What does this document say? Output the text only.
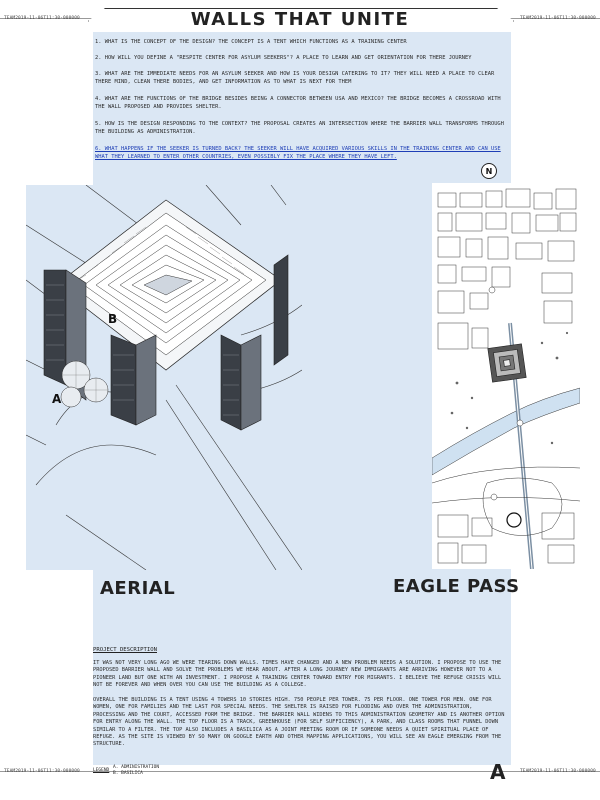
TEAM2019-11-06T11:30-000000	TEAM2019-11-06T11:30-000000
WALLS THAT UNITE
1. WHAT IS THE CONCEPT OF THE DESIGN? THE CONCEPT IS A TENT WHICH FUNCTIONS AS A TRAINING CENTER
2. HOW WILL YOU DEFINE A "RESPITE CENTER FOR ASYLUM SEEKERS"? A PLACE TO LEARN AND GET ORIENTATION FOR THERE JOURNEY
3. WHAT ARE THE IMMEDIATE NEEDS FOR AN ASYLUM SEEKER AND HOW IS YOUR DESIGN CATERING TO IT? THEY WILL NEED A PLACE TO CLEAR THERE MIND, CLEAN THERE BODIES, AND GET INFORMATION AS TO WHAT IS NEXT FOR THEM
4. WHAT ARE THE FUNCTIONS OF THE BRIDGE BESIDES BEING A CONNECTOR BETWEEN USA AND MEXICO? THE BRIDGE BECOMES A CROSSROAD WITH THE WALL PROPOSED AND PROVIDES SHELTER.
5. HOW IS THE DESIGN RESPONDING TO THE CONTEXT? THE PROPOSAL CREATES AN INTERSECTION WHERE THE BARRIER WALL TRANSFORMS THROUGH THE BUILDING AS ADMINISTRATION.
6. WHAT HAPPENS IF THE SEEKER IS TURNED BACK? THE SEEKER WILL HAVE ACQUIRED VARIOUS SKILLS IN THE TRAINING CENTER AND CAN USE WHAT THEY LEARNED TO ENTER OTHER COUNTRIES, EVEN POSSIBLY FIX THE PLACE WHERE THEY HAVE LEFT.
B
A
N
AERIAL	EAGLE PASS
PROJECT DESCRIPTION
IT WAS NOT VERY LONG AGO WE WERE TEARING DOWN WALLS. TIMES HAVE CHANGED AND A NEW PROBLEM NEEDS A SOLUTION. I PROPOSE TO USE THE PROPOSED BARRIER WALL AND SOLVE THE PROBLEMS WE HEAR ABOUT. AFTER A LONG JOURNEY NEW IMMIGRANTS ARE ARRIVING HOWEVER NOT TO A PIONEER LAND BUT ONE WITH AN INVESTMENT. I PROPOSE A TRAINING CENTER TOWARD ENTRY FOR MIGRANTS. I BELIEVE THE REFUGE CRISIS WILL NOT BE FOREVER AND WHEN OVER YOU CAN USE THE BUILDING AS A COLLEGE.
OVERALL THE BUILDING IS A TENT USING 4 TOWERS 10 STORIES HIGH. 750 PEOPLE PER TOWER. 75 PER FLOOR. ONE TOWER FOR MEN. ONE FOR WOMEN, ONE FOR FAMILIES AND THE LAST FOR SPECIAL NEEDS. THE SHELTER IS RAISED FOR FLOODING AND OVER THE ADMINISTRATION, PROCESSING AND THE COURT, ACCESSED FORM THE BRIDGE. THE BARRIER WALL WIDENS TO THIS ADMINISTRATION GEOMETRY AND IS ANOTHER OPTION FOR ENTRY ALONG THE WALL. THE TOP FLOOR IS A TRACK, GREENHOUSE (FOR SELF SUFFICIENCY), A PARK, AND CLASS ROOMS THAT FUNNEL DOWN SIMILAR TO A FILTER. THE TOP ALSO INCLUDES A BASILICA AS A JOINT MEETING ROOM OR IF SOMEONE NEEDS A QUIET SPIRITUAL PLACE OF REFUGE. AS THE SITE IS VIEWED BY SO MANY ON GOOGLE EARTH AND OTHER MAPPING APPLICATIONS, YOU WILL SEE AN EAGLE EMERGING FROM THE STRUCTURE.
TEAM2019-11-06T11:30-000000	TEAM2019-11-06T11:30-000000
LEGEND
A. ADMINISTRATION
B. BASILICA	A
